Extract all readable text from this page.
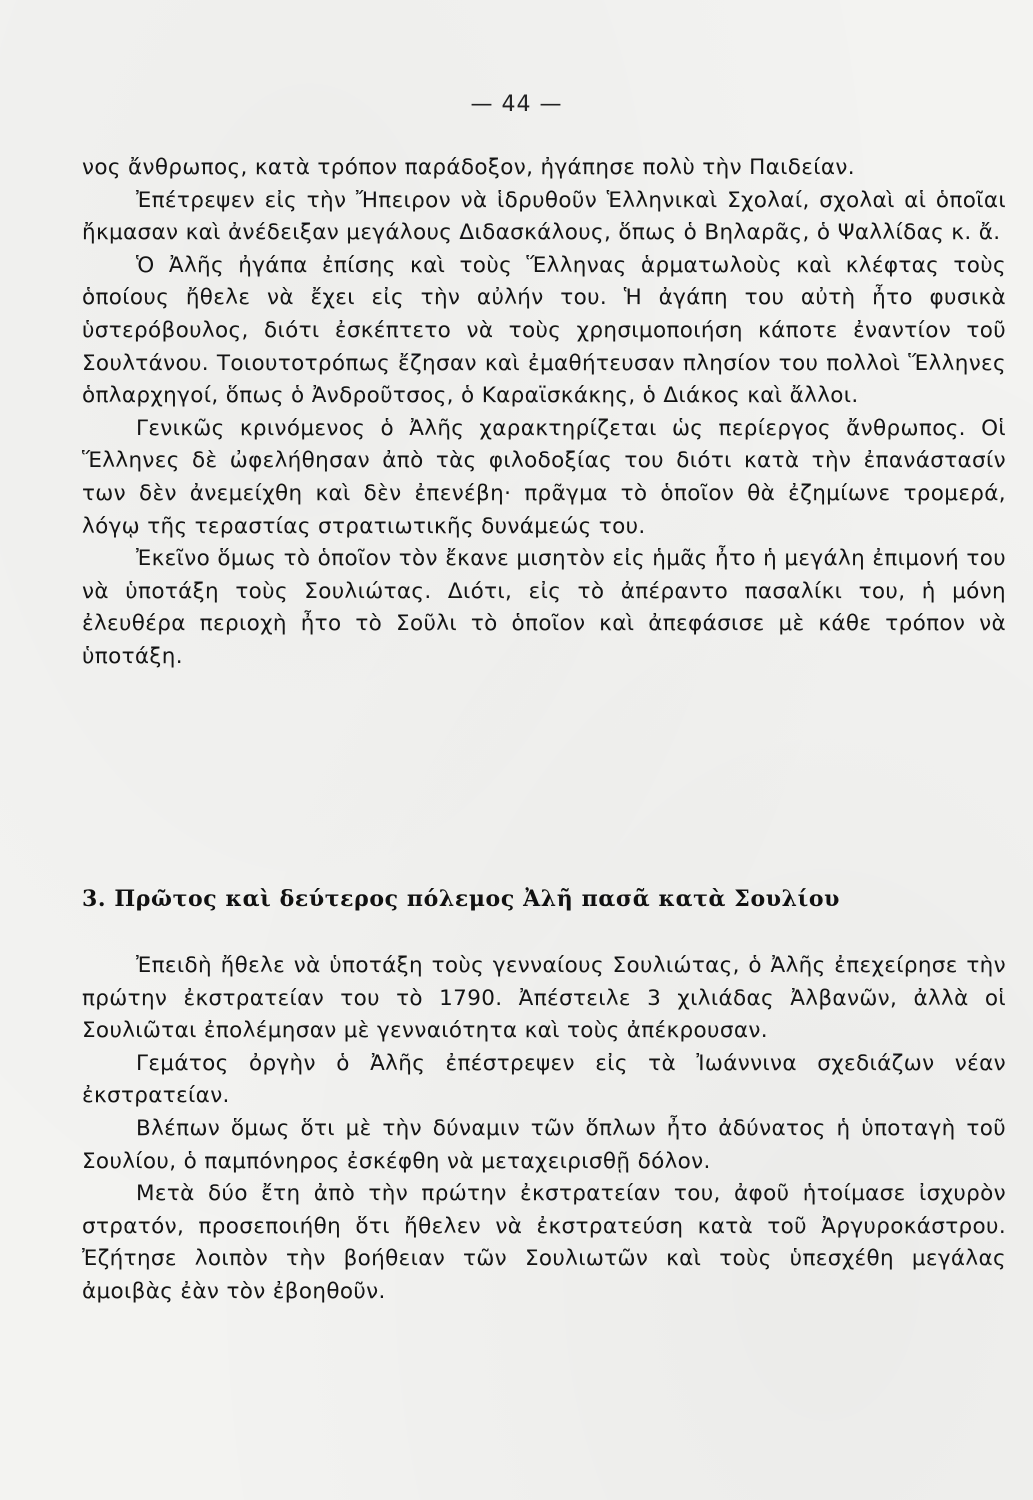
— 44 —

νος ἄνθρωπος, κατὰ τρόπον παράδοξον, ἠγάπησε πολὺ τὴν Παιδείαν.

Ἐπέτρεψεν εἰς τὴν Ἤπειρον νὰ ἱδρυθοῦν Ἑλληνικαὶ Σχολαί, σχολαὶ αἱ ὁποῖαι ἤκμασαν καὶ ἀνέδειξαν μεγάλους Διδασκάλους, ὅπως ὁ Βηλαρᾶς, ὁ Ψαλλίδας κ. ἄ.

Ὁ Ἀλῆς ἠγάπα ἐπίσης καὶ τοὺς Ἕλληνας ἁρματωλοὺς καὶ κλέφτας τοὺς ὁποίους ἤθελε νὰ ἔχει εἰς τὴν αὐλήν του. Ἡ ἀγάπη του αὐτὴ ἦτο φυσικὰ ὑστερόβουλος, διότι ἐσκέπτετο νὰ τοὺς χρησιμοποιήση κάποτε ἐναντίον τοῦ Σουλτάνου. Τοιουτοτρόπως ἔζησαν καὶ ἐμαθήτευσαν πλησίον του πολλοὶ Ἕλληνες ὁπλαρχηγοί, ὅπως ὁ Ἀνδροῦτσος, ὁ Καραϊσκάκης, ὁ Διάκος καὶ ἄλλοι.

Γενικῶς κρινόμενος ὁ Ἀλῆς χαρακτηρίζεται ὡς περίεργος ἄνθρωπος. Οἱ Ἕλληνες δὲ ὠφελήθησαν ἀπὸ τὰς φιλοδοξίας του διότι κατὰ τὴν ἐπανάστασίν των δὲν ἀνεμείχθη καὶ δὲν ἐπενέβη· πρᾶγμα τὸ ὁποῖον θὰ ἐζημίωνε τρομερά, λόγῳ τῆς τεραστίας στρατιωτικῆς δυνάμεώς του.

Ἐκεῖνο ὅμως τὸ ὁποῖον τὸν ἔκανε μισητὸν εἰς ἡμᾶς ἦτο ἡ μεγάλη ἐπιμονή του νὰ ὑποτάξη τοὺς Σουλιώτας. Διότι, εἰς τὸ ἀπέραντο πασαλίκι του, ἡ μόνη ἐλευθέρα περιοχὴ ἦτο τὸ Σοῦλι τὸ ὁποῖον καὶ ἀπεφάσισε μὲ κάθε τρόπον νὰ ὑποτάξη.

3. Πρῶτος καὶ δεύτερος πόλεμος Ἀλῆ πασᾶ κατὰ Σουλίου

Ἐπειδὴ ἤθελε νὰ ὑποτάξη τοὺς γενναίους Σουλιώτας, ὁ Ἀλῆς ἐπεχείρησε τὴν πρώτην ἐκστρατείαν του τὸ 1790. Ἀπέστειλε 3 χιλιάδας Ἀλβανῶν, ἀλλὰ οἱ Σουλιῶται ἐπολέμησαν μὲ γενναιότητα καὶ τοὺς ἀπέκρουσαν.

Γεμάτος ὀργὴν ὁ Ἀλῆς ἐπέστρεψεν εἰς τὰ Ἰωάννινα σχεδιάζων νέαν ἐκστρατείαν.

Βλέπων ὅμως ὅτι μὲ τὴν δύναμιν τῶν ὅπλων ἦτο ἀδύνατος ἡ ὑποταγὴ τοῦ Σουλίου, ὁ παμπόνηρος ἐσκέφθη νὰ μεταχειρισθῇ δόλον.

Μετὰ δύο ἔτη ἀπὸ τὴν πρώτην ἐκστρατείαν του, ἀφοῦ ἡτοίμασε ἰσχυρὸν στρατόν, προσεποιήθη ὅτι ἤθελεν νὰ ἐκστρατεύση κατὰ τοῦ Ἀργυροκάστρου. Ἐζήτησε λοιπὸν τὴν βοήθειαν τῶν Σουλιωτῶν καὶ τοὺς ὑπεσχέθη μεγάλας ἀμοιβὰς ἐὰν τὸν ἐβοηθοῦν.
